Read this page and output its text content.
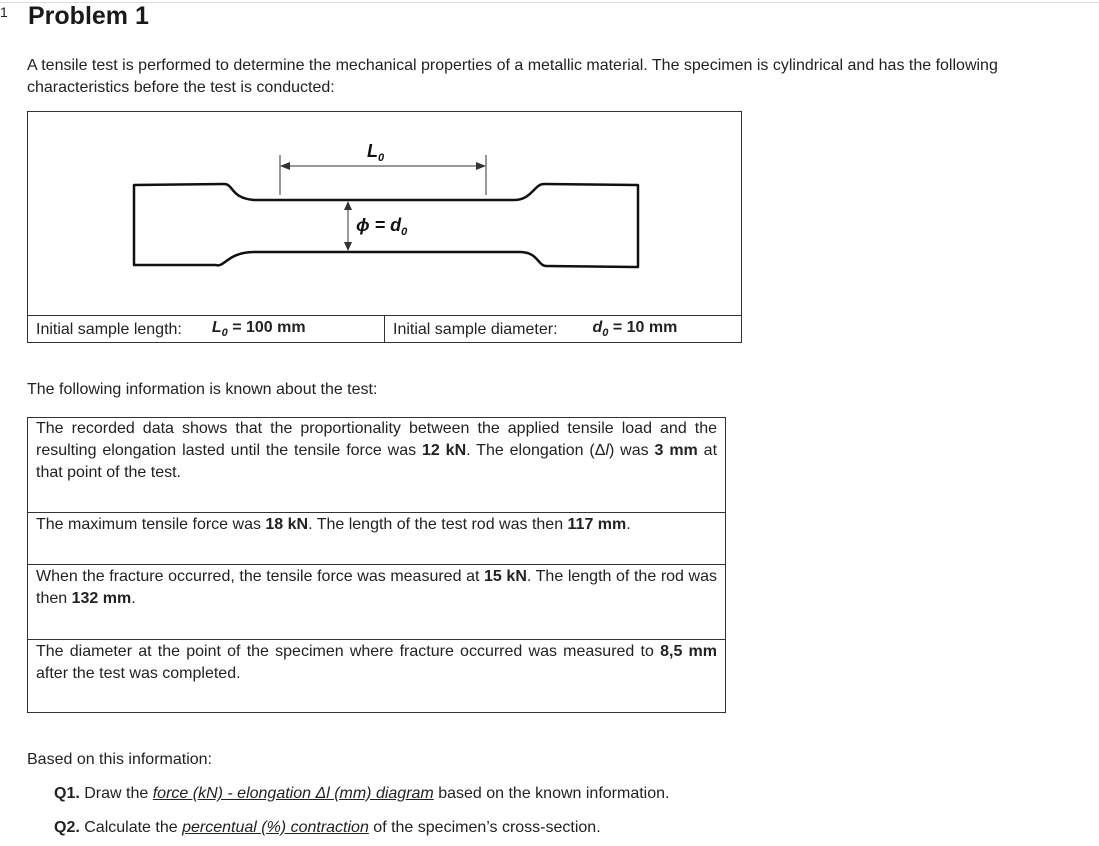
1 Problem 1

A tensile test is performed to determine the mechanical properties of a metallic material. The specimen is cylindrical and has the following characteristics before the test is conducted:

$L_0$
$\phi = d_0$
Initial sample length: $L_0 = 100$ mm	Initial sample diameter: $d_0 = 10$ mm

The following information is known about the test:

The recorded data shows that the proportionality between the applied tensile load and the resulting elongation lasted until the tensile force was 12 kN. The elongation (Δl) was 3 mm at that point of the test.
The maximum tensile force was 18 kN. The length of the test rod was then 117 mm.
When the fracture occurred, the tensile force was measured at 15 kN. The length of the rod was then 132 mm.
The diameter at the point of the specimen where fracture occurred was measured to 8,5 mm after the test was completed.

Based on this information:

Q1. Draw the force (kN) - elongation Δl (mm) diagram based on the known information.

Q2. Calculate the percentual (%) contraction of the specimen’s cross-section.
